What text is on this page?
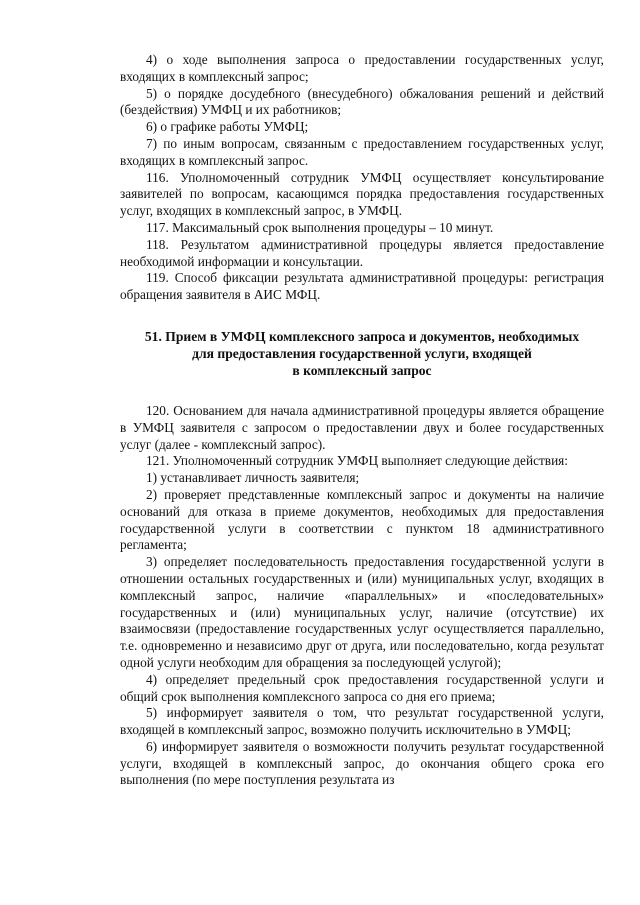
4) о ходе выполнения запроса о предоставлении государственных услуг, входящих в комплексный запрос;

5) о порядке досудебного (внесудебного) обжалования решений и действий (бездействия) УМФЦ и их работников;

6) о графике работы УМФЦ;

7) по иным вопросам, связанным с предоставлением государственных услуг, входящих в комплексный запрос.

116. Уполномоченный сотрудник УМФЦ осуществляет консультирование заявителей по вопросам, касающимся порядка предоставления государственных услуг, входящих в комплексный запрос, в УМФЦ.

117. Максимальный срок выполнения процедуры – 10 минут.

118. Результатом административной процедуры является предоставление необходимой информации и консультации.

119. Способ фиксации результата административной процедуры: регистрация обращения заявителя в АИС МФЦ.

51. Прием в УМФЦ комплексного запроса и документов, необходимых
для предоставления государственной услуги, входящей
в комплексный запрос

120. Основанием для начала административной процедуры является обращение в УМФЦ заявителя с запросом о предоставлении двух и более государственных услуг (далее - комплексный запрос).

121. Уполномоченный сотрудник УМФЦ выполняет следующие действия:

1) устанавливает личность заявителя;

2) проверяет представленные комплексный запрос и документы на наличие оснований для отказа в приеме документов, необходимых для предоставления государственной услуги в соответствии с пунктом 18 административного регламента;

3) определяет последовательность предоставления государственной услуги в отношении остальных государственных и (или) муниципальных услуг, входящих в комплексный запрос, наличие «параллельных» и «последовательных» государственных и (или) муниципальных услуг, наличие (отсутствие) их взаимосвязи (предоставление государственных услуг осуществляется параллельно, т.е. одновременно и независимо друг от друга, или последовательно, когда результат одной услуги необходим для обращения за последующей услугой);

4) определяет предельный срок предоставления государственной услуги и общий срок выполнения комплексного запроса со дня его приема;

5) информирует заявителя о том, что результат государственной услуги, входящей в комплексный запрос, возможно получить исключительно в УМФЦ;

6) информирует заявителя о возможности получить результат государственной услуги, входящей в комплексный запрос, до окончания общего срока его выполнения (по мере поступления результата из
